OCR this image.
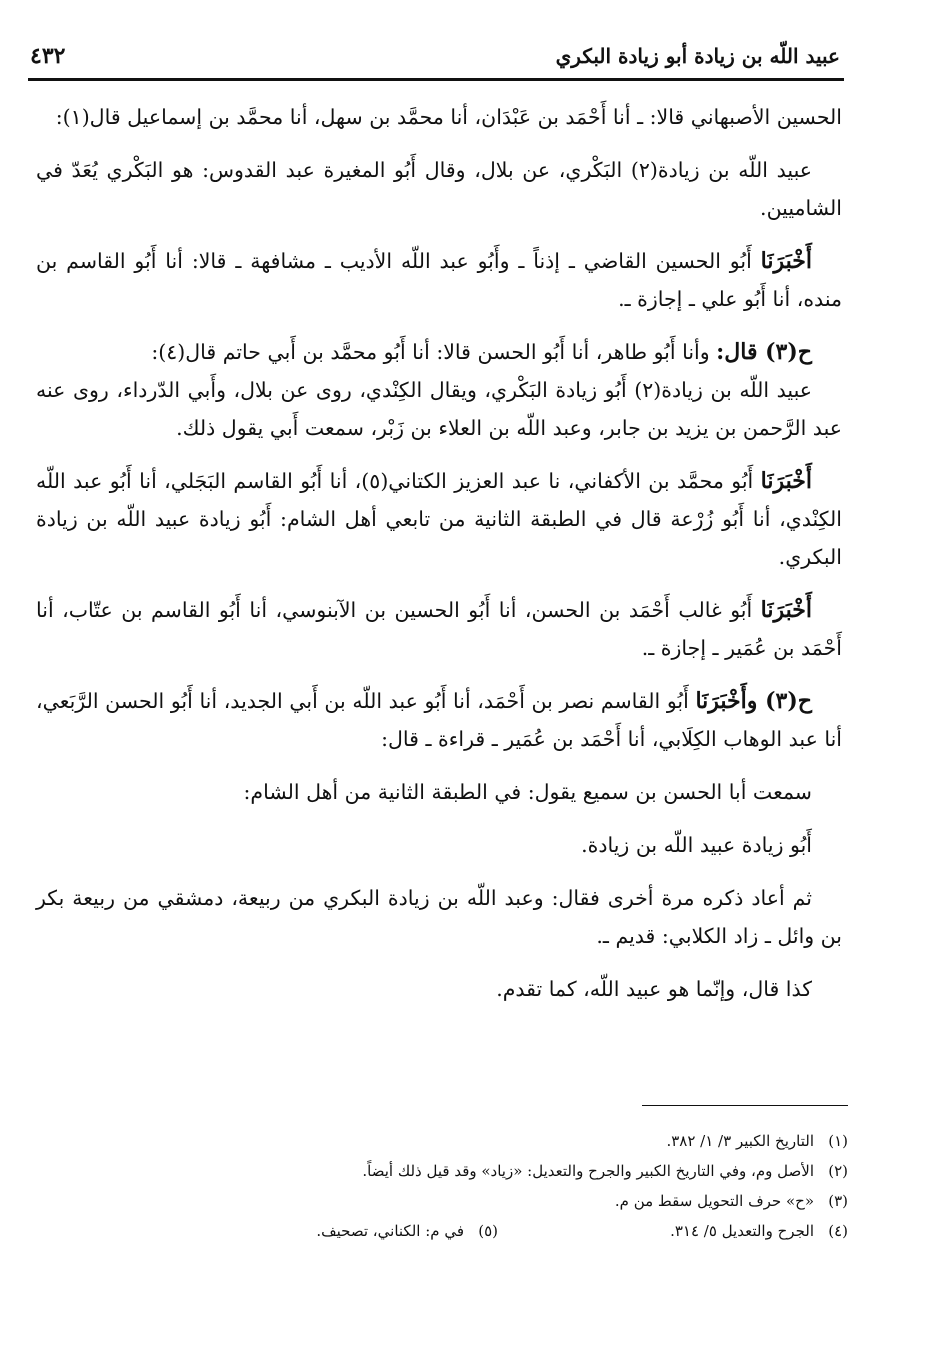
عبيد اللّه بن زيادة أبو زيادة البكري
٤٣٢

الحسين الأصبهاني قالا: ـ أنا أَحْمَد بن عَبْدَان، أنا محمَّد بن سهل، أنا محمَّد بن إسماعيل قال(١):

عبيد اللّه بن زيادة(٢) البَكْري، عن بلال، وقال أَبُو المغيرة عبد القدوس: هو البَكْري يُعَدّ في الشاميين.

أَخْبَرَنَا أَبُو الحسين القاضي ـ إذناً ـ وأَبُو عبد اللّه الأديب ـ مشافهة ـ قالا: أنا أَبُو القاسم بن منده، أنا أَبُو علي ـ إجازة ـ.

ح(٣) قال: وأنا أَبُو طاهر، أنا أَبُو الحسن قالا: أنا أَبُو محمَّد بن أَبي حاتم قال(٤):

عبيد اللّه بن زيادة(٢) أَبُو زيادة البَكْري، ويقال الكِنْدي، روى عن بلال، وأَبي الدّرداء، روى عنه عبد الرَّحمن بن يزيد بن جابر، وعبد اللّه بن العلاء بن زَبْر، سمعت أَبي يقول ذلك.

أَخْبَرَنَا أَبُو محمَّد بن الأكفاني، نا عبد العزيز الكتاني(٥)، أنا أَبُو القاسم البَجَلي، أنا أَبُو عبد اللّه الكِنْدي، أنا أَبُو زُرْعة قال في الطبقة الثانية من تابعي أهل الشام: أَبُو زيادة عبيد اللّه بن زيادة البكري.

أَخْبَرَنَا أَبُو غالب أَحْمَد بن الحسن، أنا أَبُو الحسين بن الآبنوسي، أنا أَبُو القاسم بن عتّاب، أنا أَحْمَد بن عُمَير ـ إجازة ـ.

ح(٣) وأَخْبَرَنَا أَبُو القاسم نصر بن أَحْمَد، أنا أَبُو عبد اللّه بن أَبي الجديد، أنا أَبُو الحسن الرَّبَعي، أنا عبد الوهاب الكِلَابي، أنا أَحْمَد بن عُمَير ـ قراءة ـ قال:

سمعت أبا الحسن بن سميع يقول: في الطبقة الثانية من أهل الشام:

أَبُو زيادة عبيد اللّه بن زيادة.

ثم أعاد ذكره مرة أخرى فقال: وعبد اللّه بن زيادة البكري من ربيعة، دمشقي من ربيعة بكر بن وائل ـ زاد الكلابي: قديم ـ.

كذا قال، وإنّما هو عبيد اللّه، كما تقدم.

(١)
التاريخ الكبير ٣/ ١/ ٣٨٢.
(٢)
الأصل وم، وفي التاريخ الكبير والجرح والتعديل: «زياد» وقد قيل ذلك أيضاً.
(٣)
«ح» حرف التحويل سقط من م.
(٤)
الجرح والتعديل ٥/ ٣١٤.
(٥)
في م: الكناني، تصحيف.
